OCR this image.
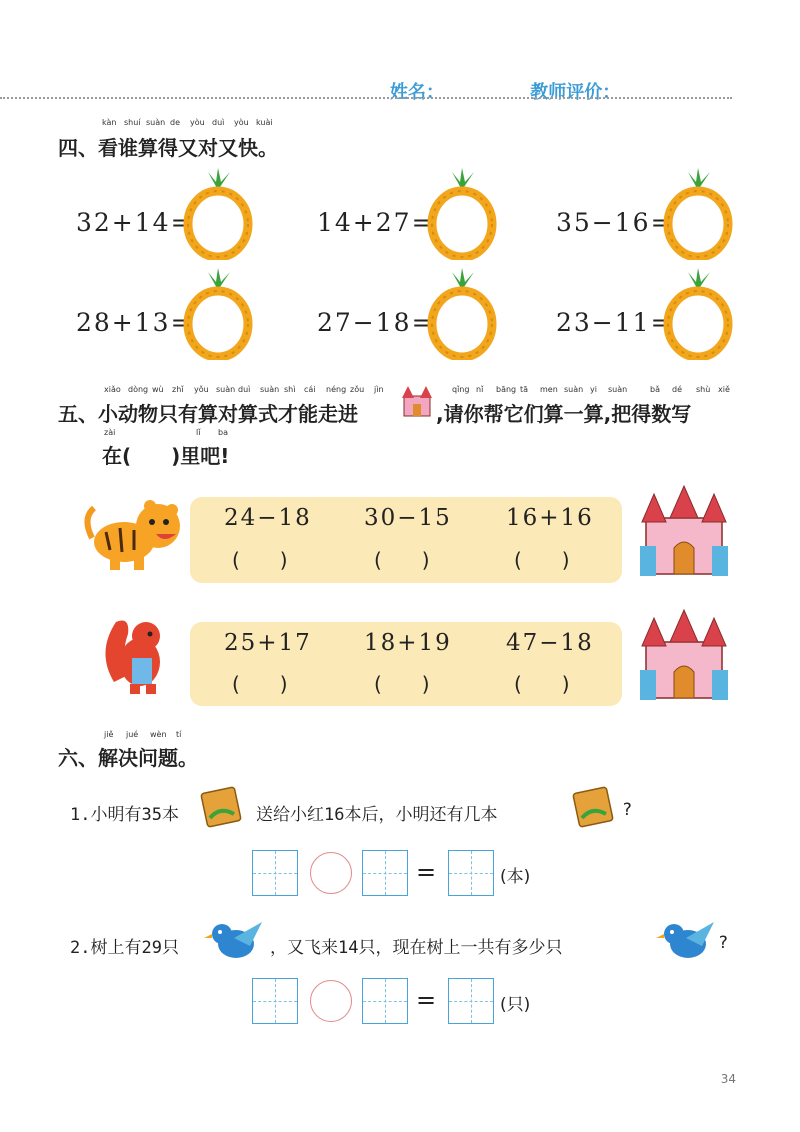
姓名：	教师评价：
kàn shuí suàn de yòu duì yòu kuài
四、看谁算得又对又快。
32+14=	14+27=	35−16=
28+13=	27−18=	23−11=
xiǎo dòng wù zhǐ yǒu suàn duì suàn shì cái néng zǒu jìn	qǐng nǐ bāng tā men suàn yi suàn	bǎ dé shù xiě
五、小动物只有算对算式才能走进	,请你帮它们算一算,把得数写
zài	lǐ ba
在(　　)里吧!
24−18 30−15 16+16
(　　)	(　　)	(　　)
25+17 18+19 47−18
(　　)	(　　)	(　　)
jiě jué wèn tí
六、解决问题。
1.小明有35本	送给小红16本后，小明还有几本	?
=	(本)
2.树上有29只	，又飞来14只，现在树上一共有多少只	?
=	(只)
34
